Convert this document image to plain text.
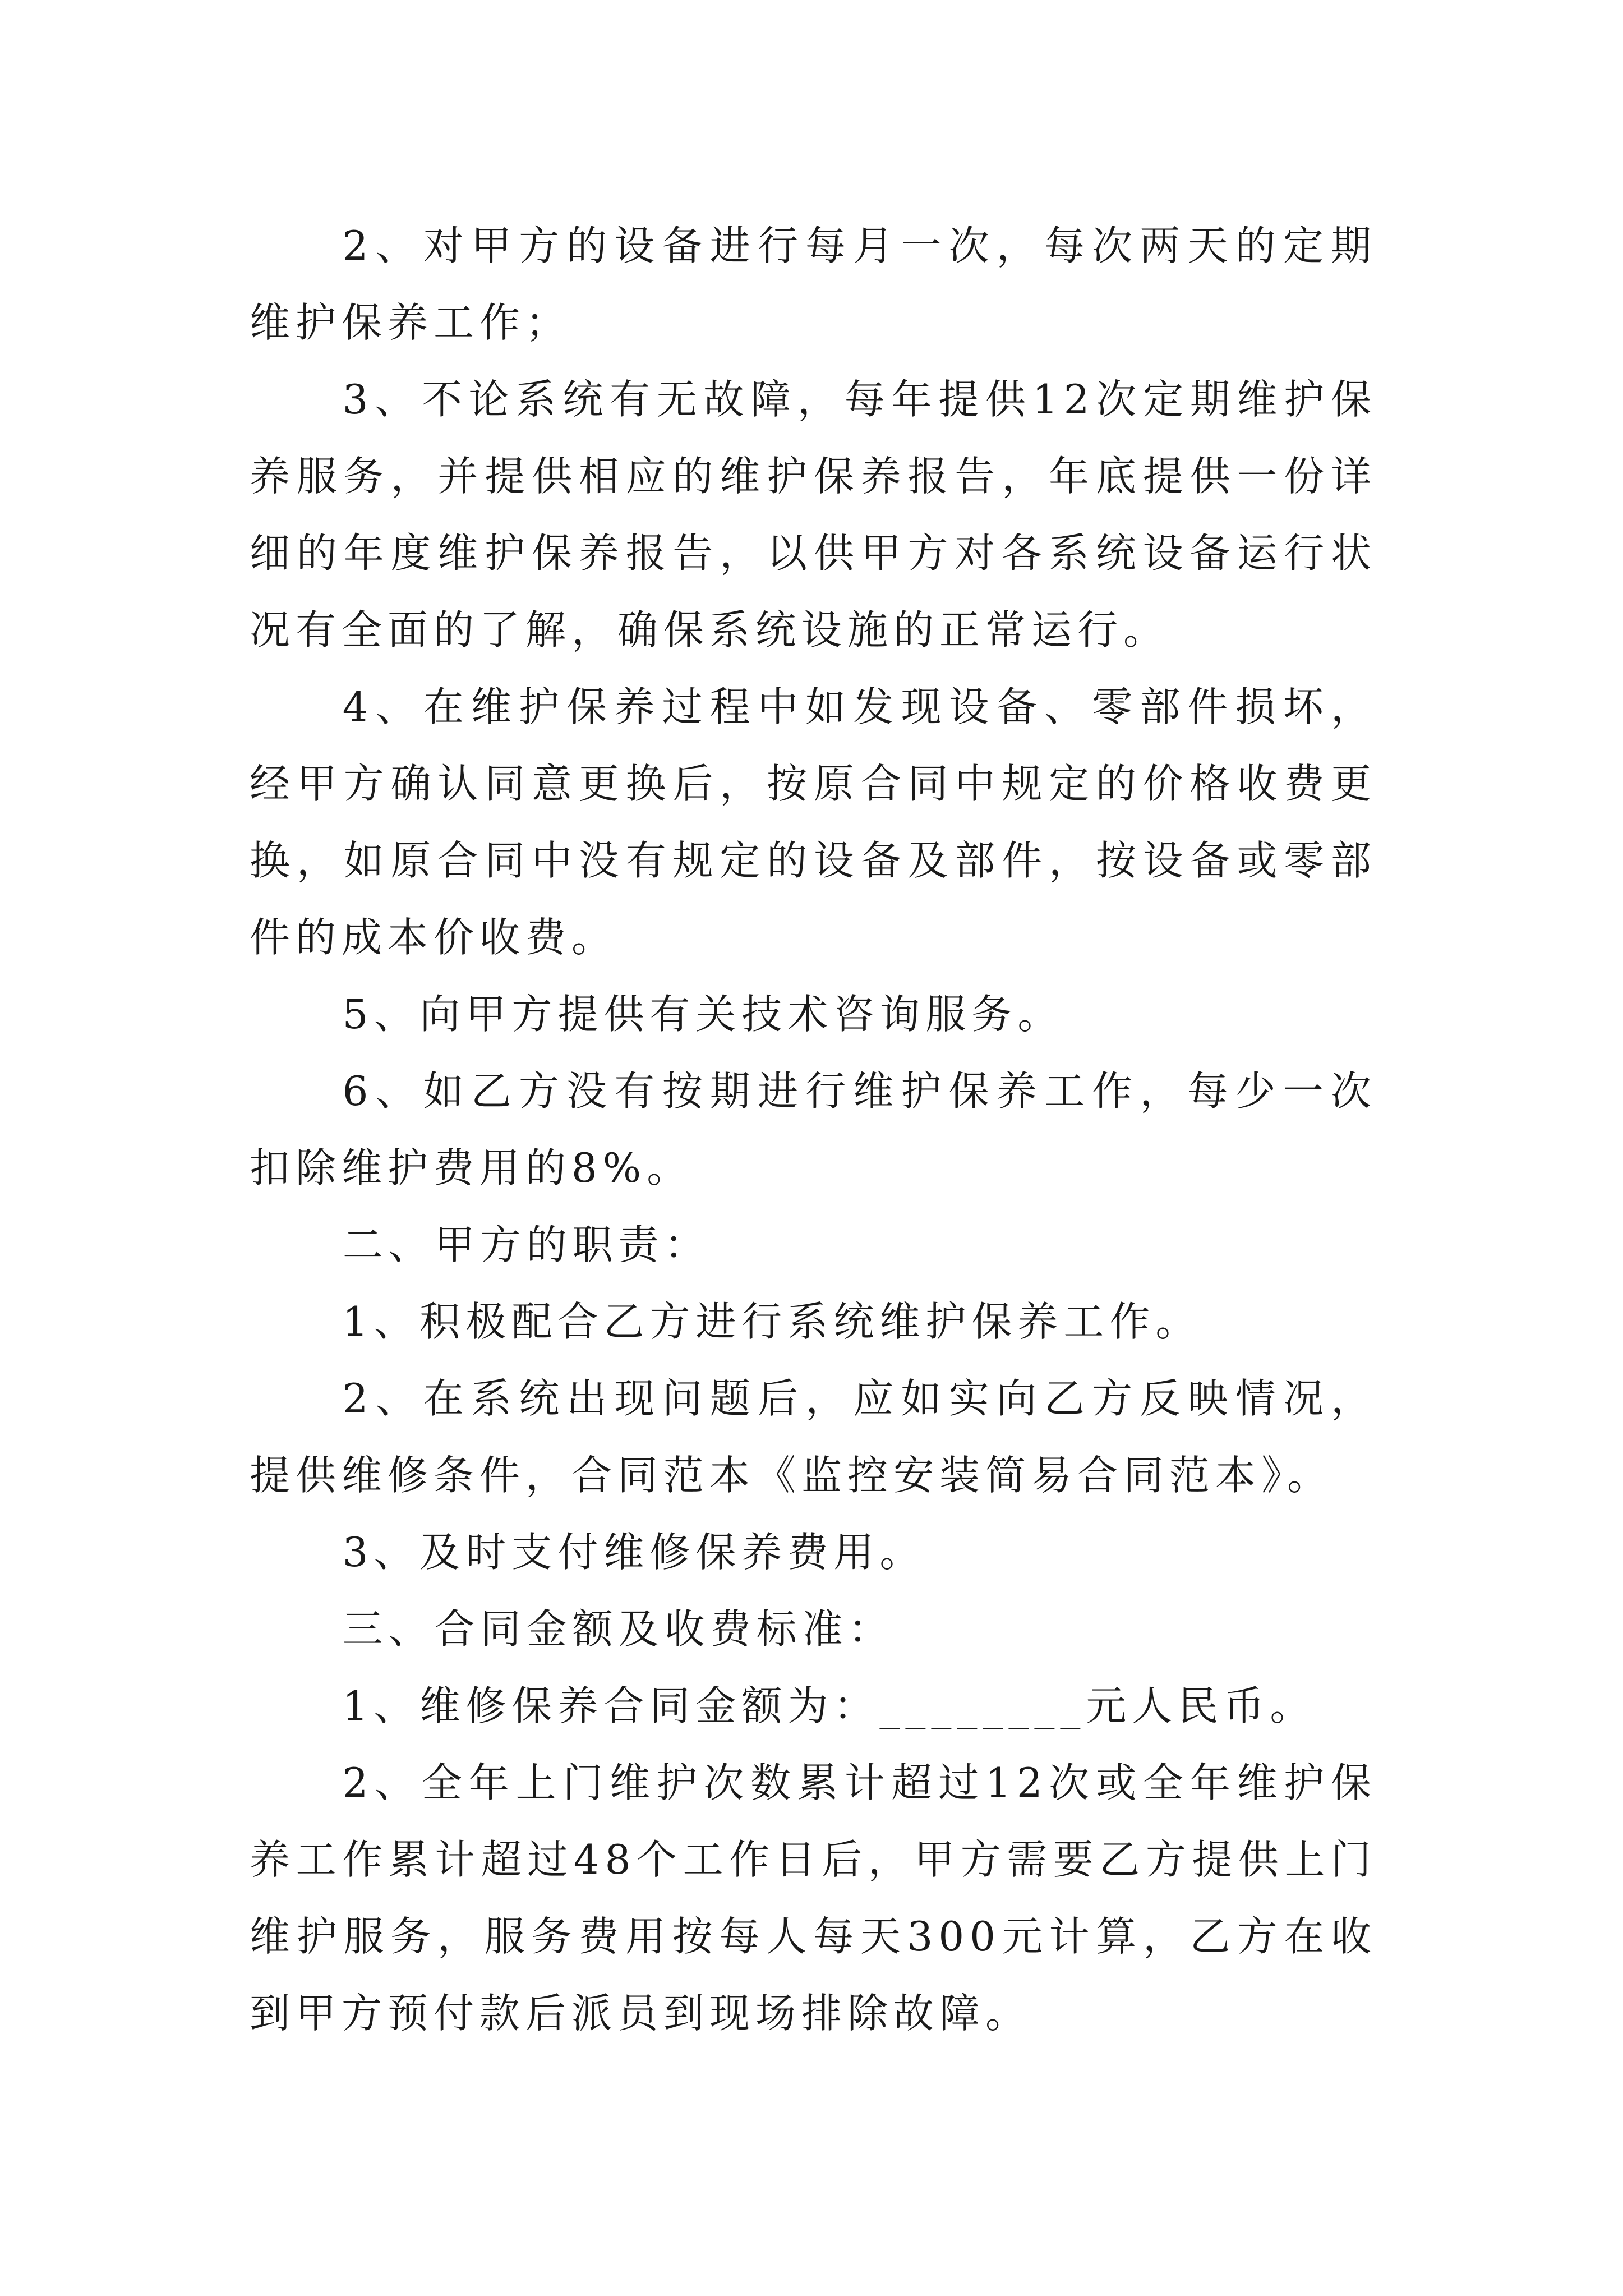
2、对甲方的设备进行每月一次，每次两天的定期维护保养工作；

3、不论系统有无故障，每年提供12次定期维护保养服务，并提供相应的维护保养报告，年底提供一份详细的年度维护保养报告，以供甲方对各系统设备运行状况有全面的了解，确保系统设施的正常运行。

4、在维护保养过程中如发现设备、零部件损坏，经甲方确认同意更换后，按原合同中规定的价格收费更换，如原合同中没有规定的设备及部件，按设备或零部件的成本价收费。

5、向甲方提供有关技术咨询服务。

6、如乙方没有按期进行维护保养工作，每少一次扣除维护费用的8%。

二、甲方的职责：

1、积极配合乙方进行系统维护保养工作。

2、在系统出现问题后，应如实向乙方反映情况，提供维修条件，合同范本《监控安装简易合同范本》。

3、及时支付维修保养费用。

三、合同金额及收费标准：

1、维修保养合同金额为：________元人民币。

2、全年上门维护次数累计超过12次或全年维护保养工作累计超过48个工作日后，甲方需要乙方提供上门维护服务，服务费用按每人每天300元计算，乙方在收到甲方预付款后派员到现场排除故障。
